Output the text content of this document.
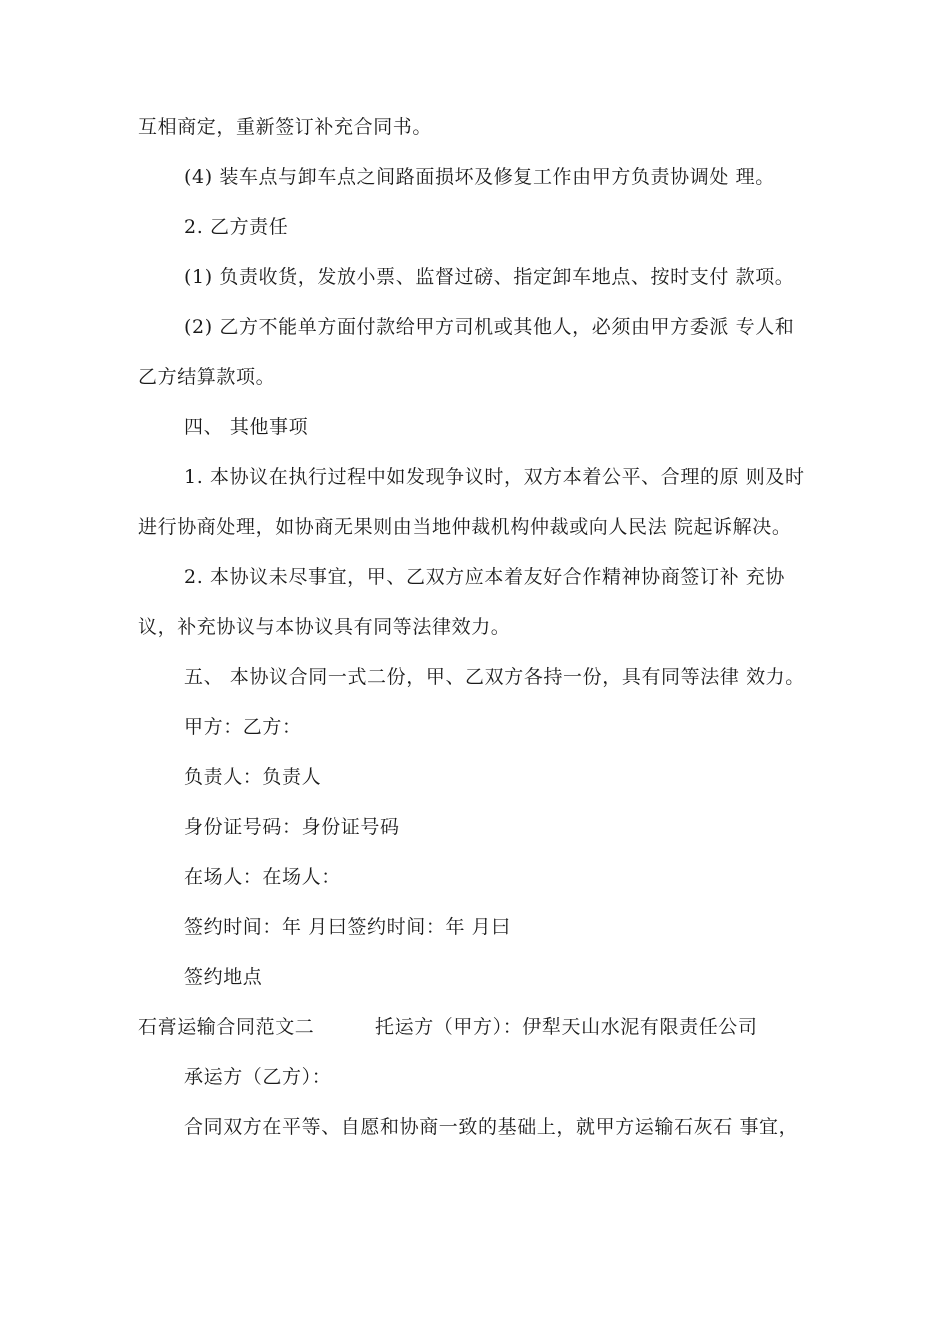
互相商定，重新签订补充合同书。
(4) 装车点与卸车点之间路面损坏及修复工作由甲方负责协调处 理。
2. 乙方责任
(1) 负责收货，发放小票、监督过磅、指定卸车地点、按时支付 款项。
(2) 乙方不能单方面付款给甲方司机或其他人，必须由甲方委派 专人和
乙方结算款项。
四、 其他事项
1. 本协议在执行过程中如发现争议时，双方本着公平、合理的原 则及时
进行协商处理，如协商无果则由当地仲裁机构仲裁或向人民法 院起诉解决。
2. 本协议未尽事宜，甲、乙双方应本着友好合作精神协商签订补 充协
议，补充协议与本协议具有同等法律效力。
五、 本协议合同一式二份，甲、乙双方各持一份，具有同等法律 效力。
甲方：乙方：
负责人：负责人
身份证号码：身份证号码
在场人：在场人：
签约时间：年 月曰签约时间：年 月曰
签约地点
石膏运输合同范文二	托运方（甲方）：伊犁天山水泥有限责任公司
承运方（乙方）：
合同双方在平等、自愿和协商一致的基础上，就甲方运输石灰石 事宜，
